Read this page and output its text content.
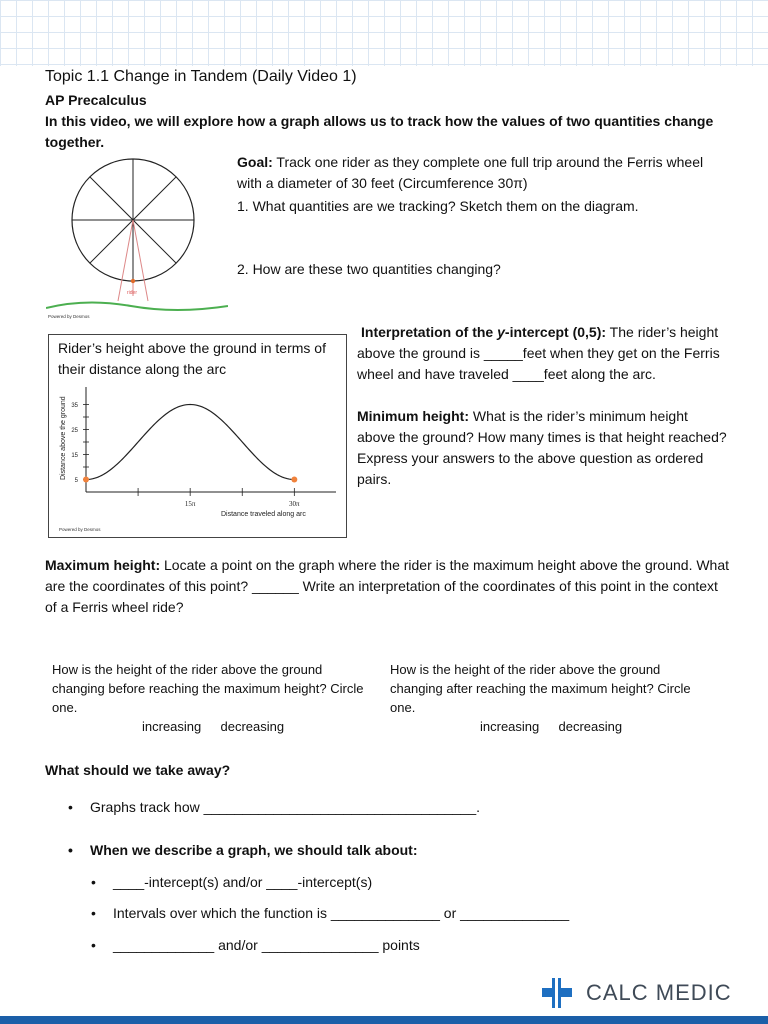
Topic 1.1 Change in Tandem (Daily Video 1)
AP Precalculus
In this video, we will explore how a graph allows us to track how the values of two quantities change together.
rider
Powered by Desmos
Goal: Track one rider as they complete one full trip around the Ferris wheel with a diameter of 30 feet (Circumference 30π)
1. What quantities are we tracking? Sketch them on the diagram.
2. How are these two quantities changing?
Rider’s height above the ground in terms of their distance along the arc
5
15
25
35
15π	30π
Distance traveled along arc
Distance above the ground
Powered by Desmos

Interpretation of the y-intercept (0,5): The rider’s height above the ground is _____feet when they get on the Ferris wheel and have traveled ____feet along the arc.

Minimum height: What is the rider’s minimum height above the ground? How many times is that height reached?

Express your answers to the above question as ordered pairs.

Maximum height: Locate a point on the graph where the rider is the maximum height above the ground. What are the coordinates of this point? ______ Write an interpretation of the coordinates of this point in the context of a Ferris wheel ride?
How is the height of the rider above the ground changing before reaching the maximum height? Circle one.
increasing decreasing
How is the height of the rider above the ground changing after reaching the maximum height? Circle one.
increasing decreasing
What should we take away?
• Graphs track how ___________________________________.
• When we describe a graph, we should talk about:
• ____-intercept(s) and/or ____-intercept(s)
• Intervals over which the function is ______________ or ______________
• _____________ and/or _______________ points
CALC MEDIC
